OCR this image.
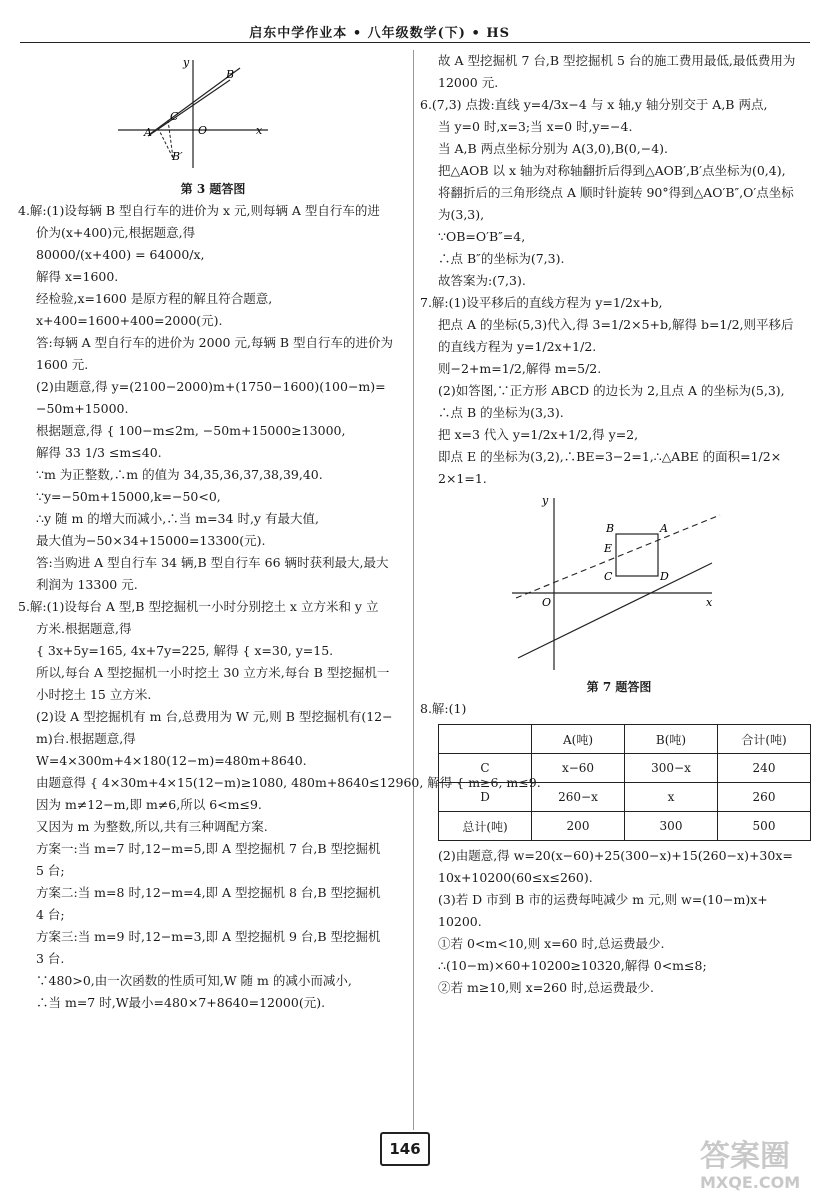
启东中学作业本 • 八年级数学(下) • HS
y
B
C
A	O	x
B′
第 3 题答图
4.解:(1)设每辆 B 型自行车的进价为 x 元,则每辆 A 型自行车的进
价为(x+400)元,根据题意,得
80000/(x+400) = 64000/x,
解得 x=1600.
经检验,x=1600 是原方程的解且符合题意,
x+400=1600+400=2000(元).
答:每辆 A 型自行车的进价为 2000 元,每辆 B 型自行车的进价为
1600 元.
(2)由题意,得 y=(2100−2000)m+(1750−1600)(100−m)=
−50m+15000.
根据题意,得 { 100−m≤2m, −50m+15000≥13000,
解得 33 1/3 ≤m≤40.
∵m 为正整数,∴m 的值为 34,35,36,37,38,39,40.
∵y=−50m+15000,k=−50<0,
∴y 随 m 的增大而减小,∴当 m=34 时,y 有最大值,
最大值为−50×34+15000=13300(元).
答:当购进 A 型自行车 34 辆,B 型自行车 66 辆时获利最大,最大
利润为 13300 元.
5.解:(1)设每台 A 型,B 型挖掘机一小时分别挖土 x 立方米和 y 立
方米.根据题意,得
{ 3x+5y=165, 4x+7y=225, 解得 { x=30, y=15.
所以,每台 A 型挖掘机一小时挖土 30 立方米,每台 B 型挖掘机一
小时挖土 15 立方米.
(2)设 A 型挖掘机有 m 台,总费用为 W 元,则 B 型挖掘机有(12−
m)台.根据题意,得
W=4×300m+4×180(12−m)=480m+8640.
由题意得 { 4×30m+4×15(12−m)≥1080, 480m+8640≤12960, 解得 { m≥6, m≤9.
因为 m≠12−m,即 m≠6,所以 6<m≤9.
又因为 m 为整数,所以,共有三种调配方案.
方案一:当 m=7 时,12−m=5,即 A 型挖掘机 7 台,B 型挖掘机
5 台;
方案二:当 m=8 时,12−m=4,即 A 型挖掘机 8 台,B 型挖掘机
4 台;
方案三:当 m=9 时,12−m=3,即 A 型挖掘机 9 台,B 型挖掘机
3 台.
∵480>0,由一次函数的性质可知,W 随 m 的减小而减小,
∴当 m=7 时,W最小=480×7+8640=12000(元).
故 A 型挖掘机 7 台,B 型挖掘机 5 台的施工费用最低,最低费用为
12000 元.
6.(7,3) 点拨:直线 y=4/3x−4 与 x 轴,y 轴分别交于 A,B 两点,
当 y=0 时,x=3;当 x=0 时,y=−4.
当 A,B 两点坐标分别为 A(3,0),B(0,−4).
把△AOB 以 x 轴为对称轴翻折后得到△AOB′,B′点坐标为(0,4),
将翻折后的三角形绕点 A 顺时针旋转 90°得到△AO′B″,O′点坐标
为(3,3),
∵OB=O′B″=4,
∴点 B″的坐标为(7,3).
故答案为:(7,3).
7.解:(1)设平移后的直线方程为 y=1/2x+b,
把点 A 的坐标(5,3)代入,得 3=1/2×5+b,解得 b=1/2,则平移后
的直线方程为 y=1/2x+1/2.
则−2+m=1/2,解得 m=5/2.
(2)如答图,∵正方形 ABCD 的边长为 2,且点 A 的坐标为(5,3),
∴点 B 的坐标为(3,3).
把 x=3 代入 y=1/2x+1/2,得 y=2,
即点 E 的坐标为(3,2),∴BE=3−2=1,∴△ABE 的面积=1/2×
2×1=1.
y
B	A
E
C	D
O	x
第 7 题答图
8.解:(1)
	A(吨)	B(吨)	合计(吨)
C	x−60	300−x	240
D	260−x	x	260
总计(吨)	200	300	500
(2)由题意,得 w=20(x−60)+25(300−x)+15(260−x)+30x=
10x+10200(60≤x≤260).
(3)若 D 市到 B 市的运费每吨减少 m 元,则 w=(10−m)x+
10200.
①若 0<m<10,则 x=60 时,总运费最少.
∴(10−m)×60+10200≥10320,解得 0<m≤8;
②若 m≥10,则 x=260 时,总运费最少.
146	答案圈
MXQE.COM
